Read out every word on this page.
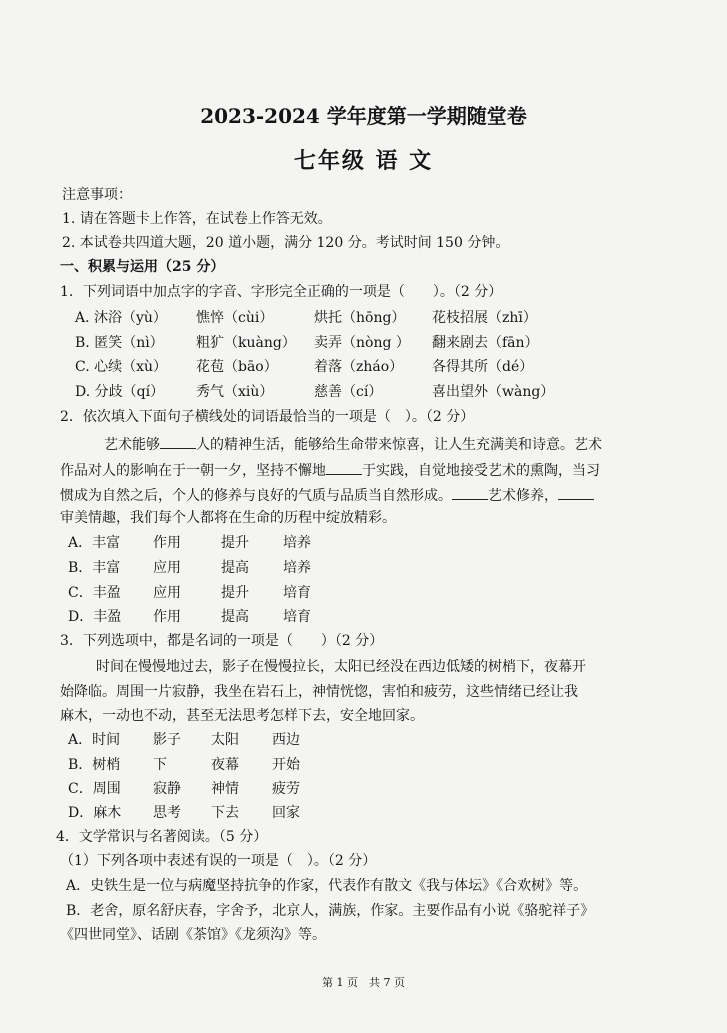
2023-2024 学年度第一学期随堂卷
七年级 语 文
注意事项：
1. 请在答题卡上作答，在试卷上作答无效。
2. 本试卷共四道大题，20 道小题，满分 120 分。考试时间 150 分钟。
一、积累与运用（25 分）
1．下列词语中加点字的字音、字形完全正确的一项是（　　）。（2 分）
A. 沐浴（yù） 憔悴（cùi）	烘托（hōng） 花枝招展（zhī）
B. 匿笑（nì） 粗犷（kuàng） 卖弄（nòng ） 翻来剧去（fān）
C. 心续（xù） 花苞（bāo）	着落（zháo） 各得其所（dé）
D. 分歧（qí） 秀气（xiù）	慈善（cí）	喜出望外（wàng）
2．依次填入下面句子横线处的词语最恰当的一项是（　）。（2 分）
艺术能够	人的精神生活，能够给生命带来惊喜，让人生充满美和诗意。艺术
作品对人的影响在于一朝一夕，坚持不懈地	于实践，自觉地接受艺术的熏陶，当习
惯成为自然之后，个人的修养与良好的气质与品质当自然形成。	艺术修养，
审美情趣，我们每个人都将在生命的历程中绽放精彩。
A．丰富 作用	提升 培养
B．丰富 应用	提高 培养
C．丰盈 应用	提升 培育
D．丰盈 作用	提高 培育
3．下列选项中，都是名词的一项是（　　）（2 分）
时间在慢慢地过去，影子在慢慢拉长，太阳已经没在西边低矮的树梢下，夜幕开
始降临。周围一片寂静，我坐在岩石上，神情恍惚，害怕和疲劳，这些情绪已经让我
麻木，一动也不动，甚至无法思考怎样下去，安全地回家。
A．时间 影子 太阳 西边
B．树梢 下	夜幕 开始
C．周围 寂静 神情 疲劳
D．麻木 思考 下去 回家
4．文学常识与名著阅读。（5 分）
（1）下列各项中表述有误的一项是（　）。（2 分）
A．史铁生是一位与病魔坚持抗争的作家，代表作有散文《我与体坛》《合欢树》等。
B．老舍，原名舒庆春，字舍予，北京人，满族，作家。主要作品有小说《骆驼祥子》
《四世同堂》、话剧《茶馆》《龙须沟》等。
第 1 页　共 7 页
